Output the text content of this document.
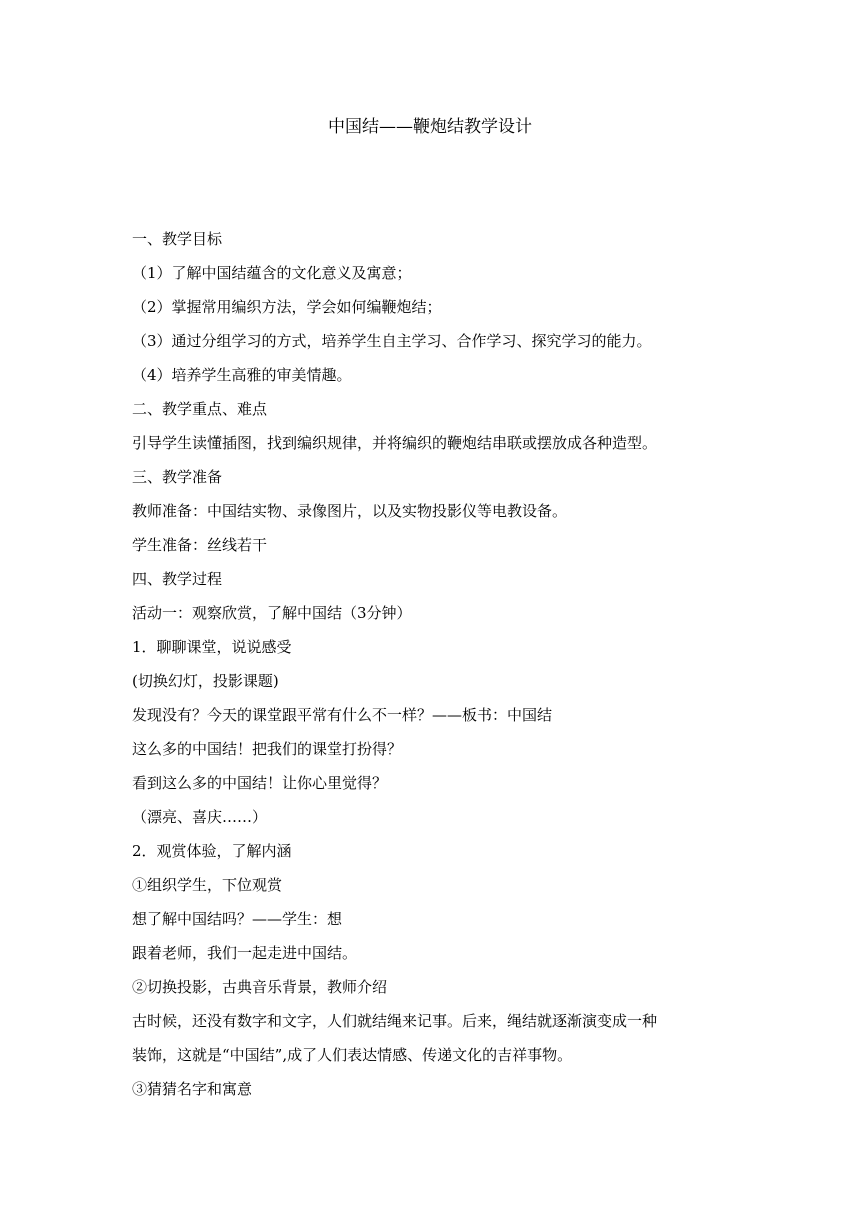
中国结——鞭炮结教学设计

一、教学目标

（1）了解中国结蕴含的文化意义及寓意；

（2）掌握常用编织方法，学会如何编鞭炮结；

（3）通过分组学习的方式，培养学生自主学习、合作学习、探究学习的能力。

（4）培养学生高雅的审美情趣。

二、教学重点、难点

引导学生读懂插图，找到编织规律，并将编织的鞭炮结串联或摆放成各种造型。

三、教学准备

教师准备：中国结实物、录像图片，以及实物投影仪等电教设备。

学生准备：丝线若干

四、教学过程

活动一：观察欣赏，了解中国结（3分钟）

1．聊聊课堂，说说感受

(切换幻灯，投影课题)

发现没有？今天的课堂跟平常有什么不一样？——板书：中国结

这么多的中国结！把我们的课堂打扮得？

看到这么多的中国结！让你心里觉得？

（漂亮、喜庆……）

2．观赏体验，了解内涵

①组织学生，下位观赏

想了解中国结吗？——学生：想

跟着老师，我们一起走进中国结。

②切换投影，古典音乐背景，教师介绍

古时候，还没有数字和文字，人们就结绳来记事。后来，绳结就逐渐演变成一种

装饰，这就是“中国结”,成了人们表达情感、传递文化的吉祥事物。

③猜猜名字和寓意
